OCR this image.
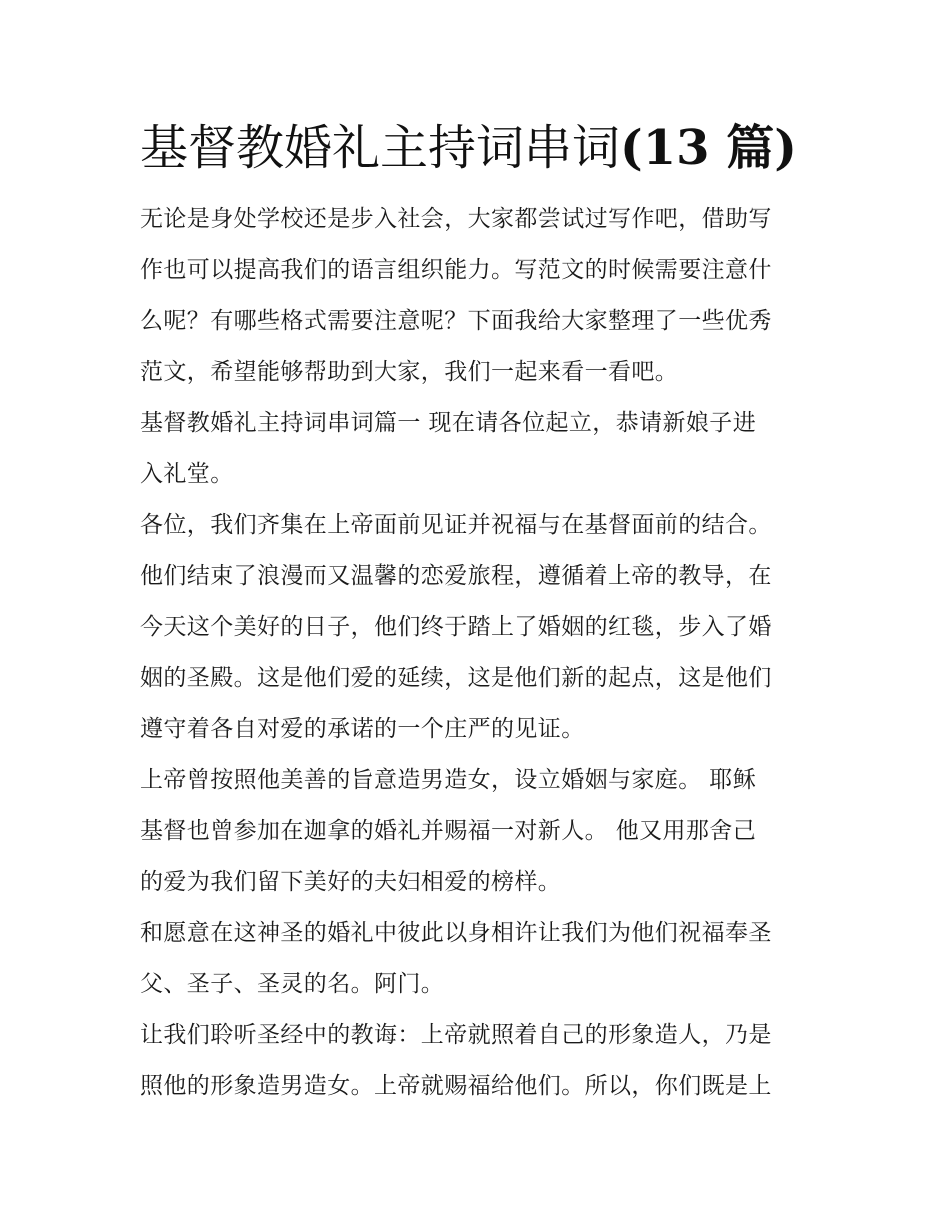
基督教婚礼主持词串词(13 篇)

无论是身处学校还是步入社会，大家都尝试过写作吧，借助写
作也可以提高我们的语言组织能力。写范文的时候需要注意什
么呢？有哪些格式需要注意呢？下面我给大家整理了一些优秀
范文，希望能够帮助到大家，我们一起来看一看吧。

基督教婚礼主持词串词篇一 现在请各位起立，恭请新娘子进
入礼堂。

各位，我们齐集在上帝面前见证并祝福与在基督面前的结合。
他们结束了浪漫而又温馨的恋爱旅程，遵循着上帝的教导，在
今天这个美好的日子，他们终于踏上了婚姻的红毯，步入了婚
姻的圣殿。这是他们爱的延续，这是他们新的起点，这是他们
遵守着各自对爱的承诺的一个庄严的见证。

上帝曾按照他美善的旨意造男造女，设立婚姻与家庭。 耶稣
基督也曾参加在迦拿的婚礼并赐福一对新人。 他又用那舍己
的爱为我们留下美好的夫妇相爱的榜样。

和愿意在这神圣的婚礼中彼此以身相许让我们为他们祝福奉圣
父、圣子、圣灵的名。阿门。

让我们聆听圣经中的教诲：上帝就照着自己的形象造人，乃是
照他的形象造男造女。上帝就赐福给他们。所以，你们既是上
